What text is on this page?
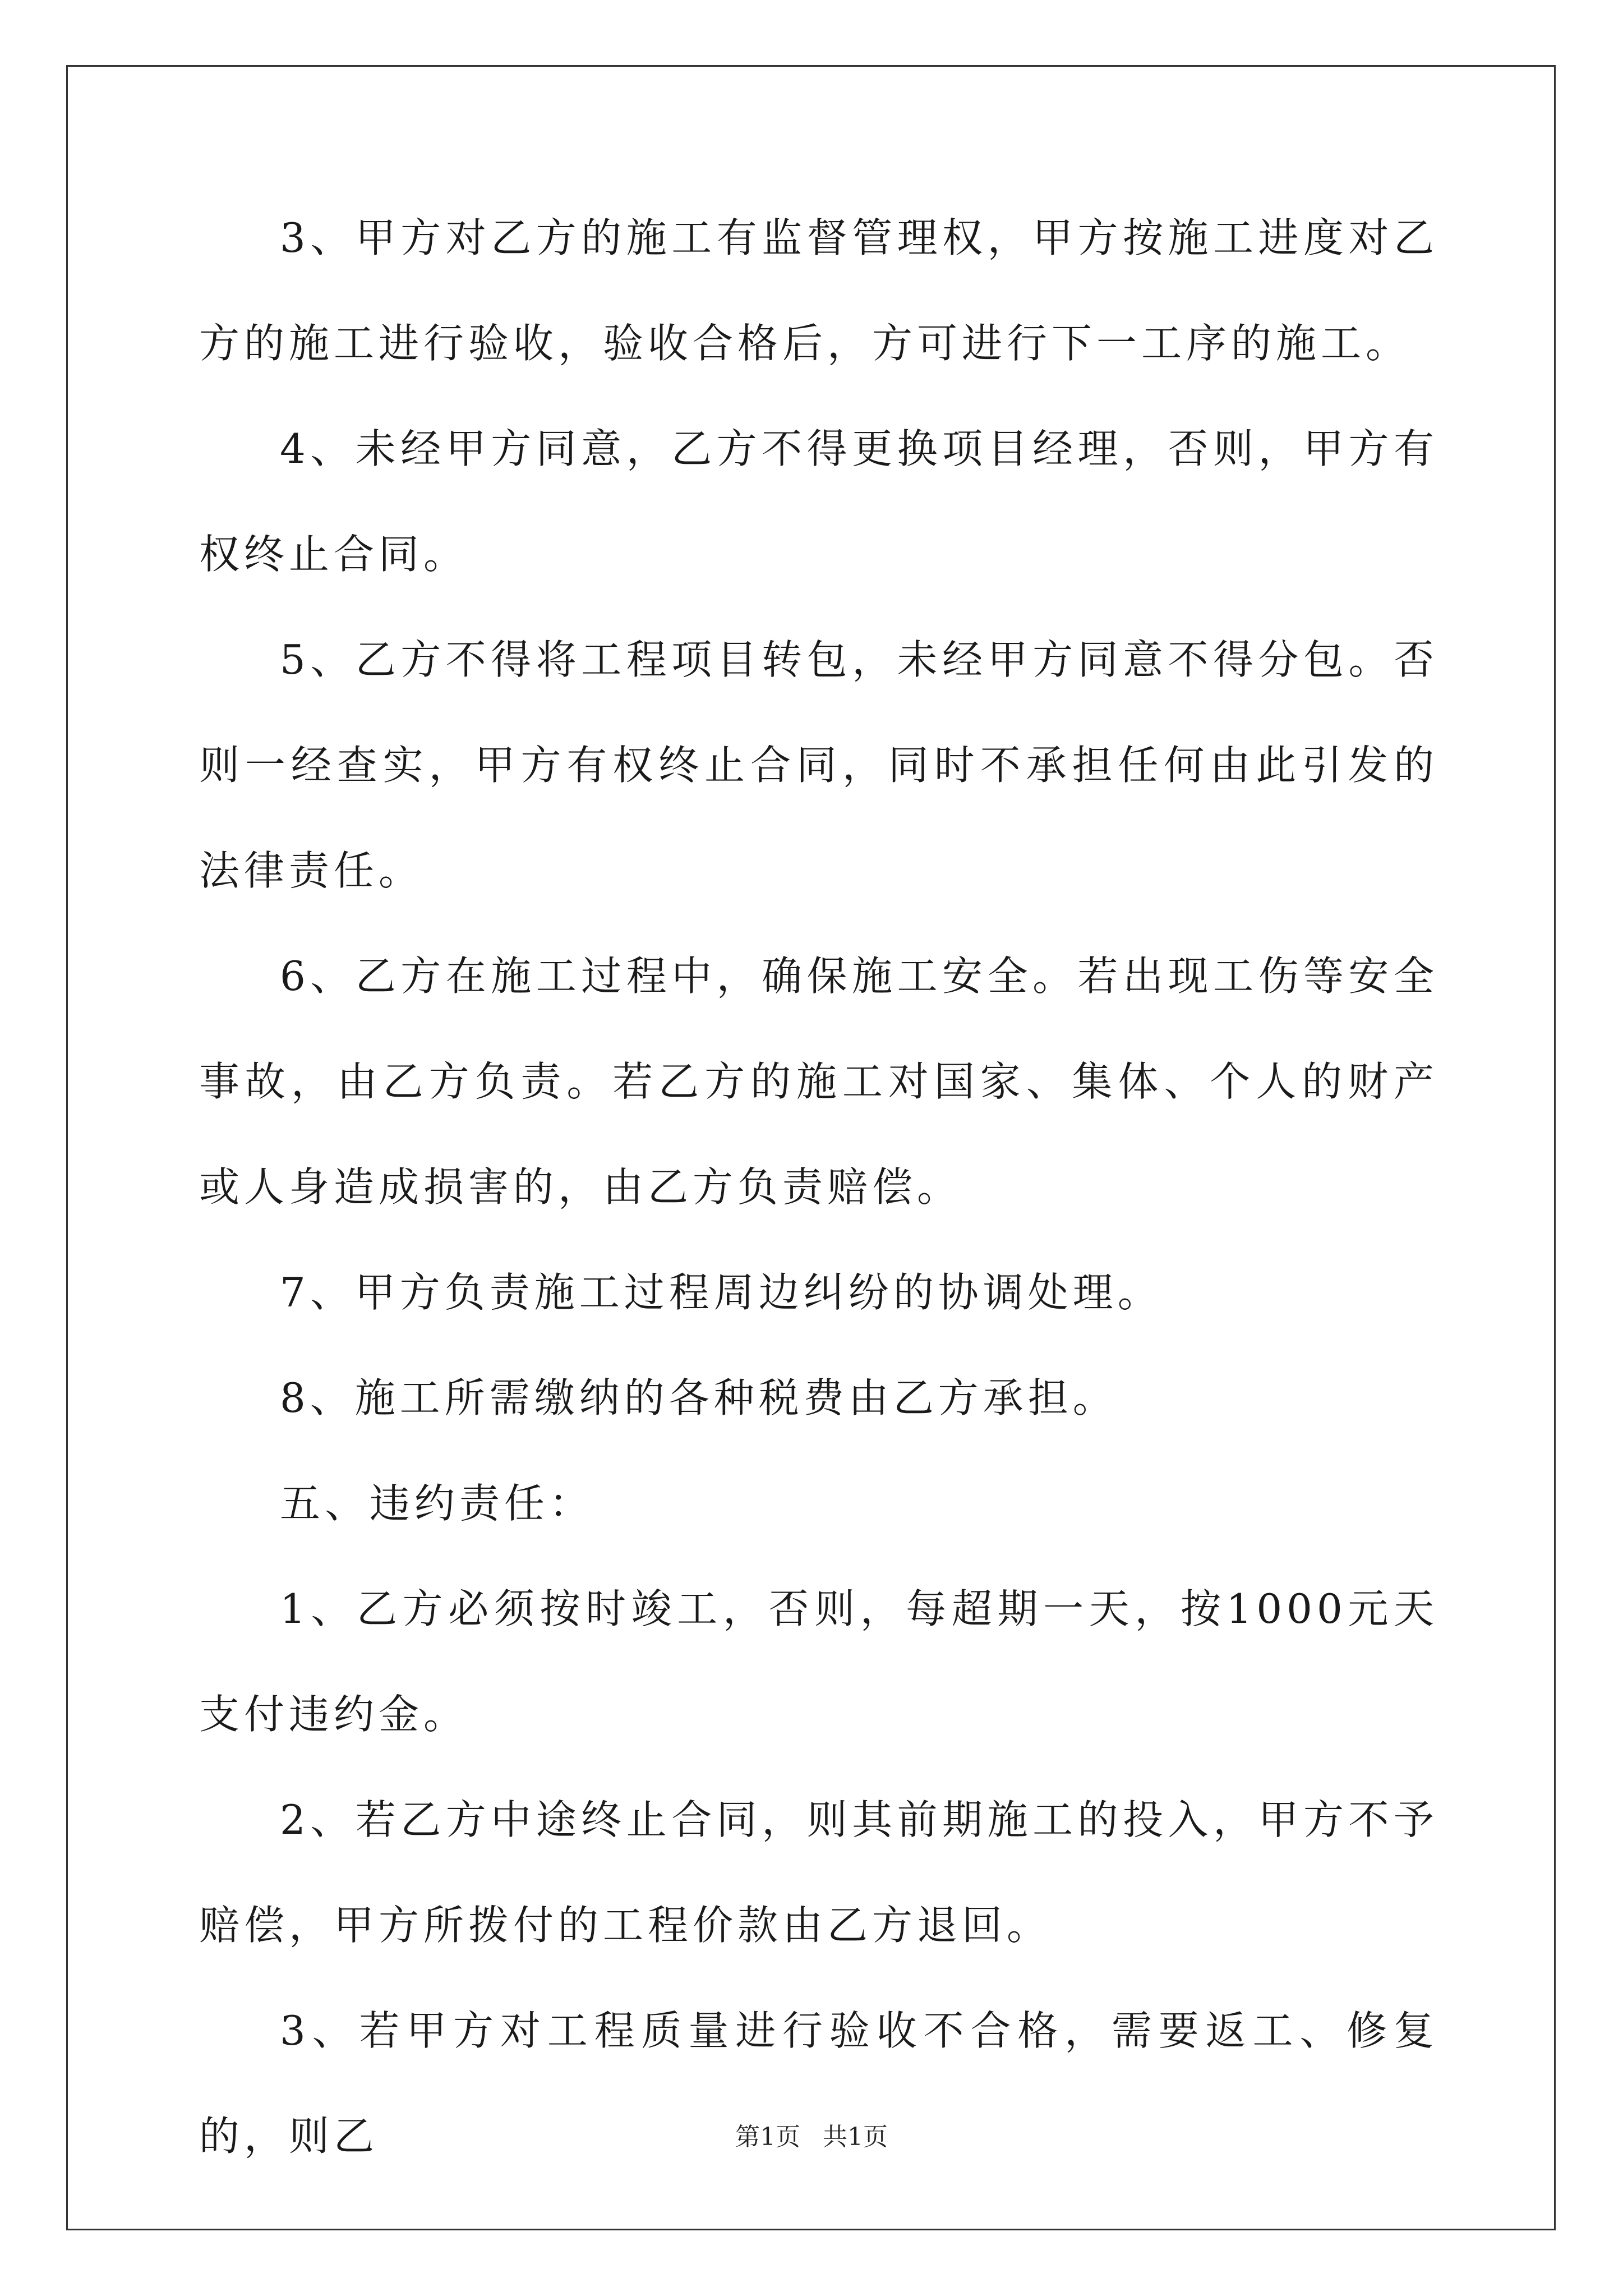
3、甲方对乙方的施工有监督管理权，甲方按施工进度对乙方的施工进行验收，验收合格后，方可进行下一工序的施工。

4、未经甲方同意，乙方不得更换项目经理，否则，甲方有权终止合同。

5、乙方不得将工程项目转包，未经甲方同意不得分包。否则一经查实，甲方有权终止合同，同时不承担任何由此引发的法律责任。

6、乙方在施工过程中，确保施工安全。若出现工伤等安全事故，由乙方负责。若乙方的施工对国家、集体、个人的财产或人身造成损害的，由乙方负责赔偿。

7、甲方负责施工过程周边纠纷的协调处理。

8、施工所需缴纳的各种税费由乙方承担。

五、违约责任：

1、乙方必须按时竣工，否则，每超期一天，按1000元天支付违约金。

2、若乙方中途终止合同，则其前期施工的投入，甲方不予赔偿，甲方所拨付的工程价款由乙方退回。

3、若甲方对工程质量进行验收不合格，需要返工、修复的，则乙	第1页 共1页
